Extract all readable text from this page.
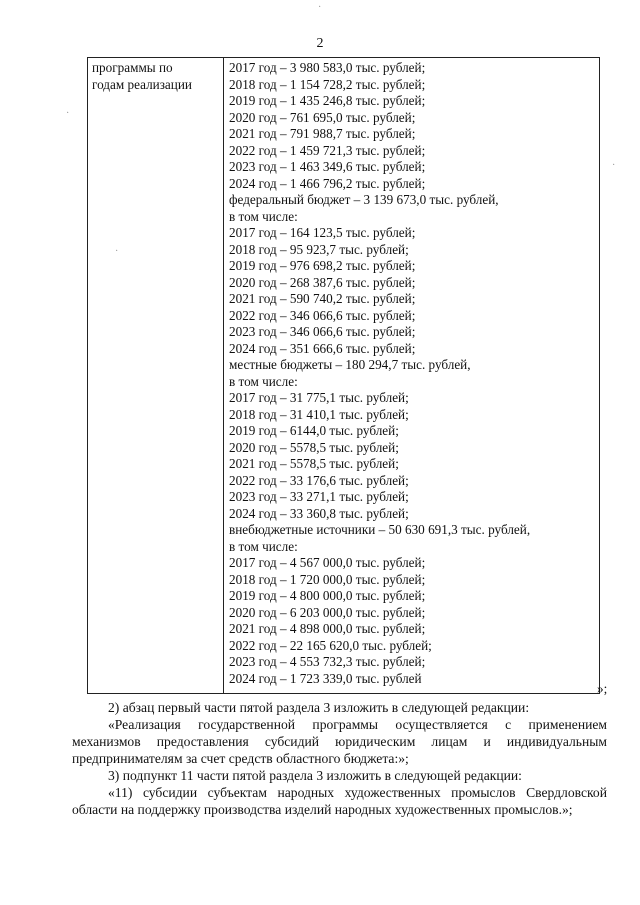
2
программы по
годам реализации
2017 год – 3 980 583,0 тыс. рублей;
2018 год – 1 154 728,2 тыс. рублей;
2019 год – 1 435 246,8 тыс. рублей;
2020 год – 761 695,0 тыс. рублей;
2021 год – 791 988,7 тыс. рублей;
2022 год – 1 459 721,3 тыс. рублей;
2023 год – 1 463 349,6 тыс. рублей;
2024 год – 1 466 796,2 тыс. рублей;
федеральный бюджет – 3 139 673,0 тыс. рублей,
в том числе:
2017 год – 164 123,5 тыс. рублей;
2018 год – 95 923,7 тыс. рублей;
2019 год – 976 698,2 тыс. рублей;
2020 год – 268 387,6 тыс. рублей;
2021 год – 590 740,2 тыс. рублей;
2022 год – 346 066,6 тыс. рублей;
2023 год – 346 066,6 тыс. рублей;
2024 год – 351 666,6 тыс. рублей;
местные бюджеты – 180 294,7 тыс. рублей,
в том числе:
2017 год – 31 775,1 тыс. рублей;
2018 год – 31 410,1 тыс. рублей;
2019 год – 6144,0 тыс. рублей;
2020 год – 5578,5 тыс. рублей;
2021 год – 5578,5 тыс. рублей;
2022 год – 33 176,6 тыс. рублей;
2023 год – 33 271,1 тыс. рублей;
2024 год – 33 360,8 тыс. рублей;
внебюджетные источники – 50 630 691,3 тыс. рублей,
в том числе:
2017 год – 4 567 000,0 тыс. рублей;
2018 год – 1 720 000,0 тыс. рублей;
2019 год – 4 800 000,0 тыс. рублей;
2020 год – 6 203 000,0 тыс. рублей;
2021 год – 4 898 000,0 тыс. рублей;
2022 год – 22 165 620,0 тыс. рублей;
2023 год – 4 553 732,3 тыс. рублей;
2024 год – 1 723 339,0 тыс. рублей
»;

2) абзац первый части пятой раздела 3 изложить в следующей редакции:

«Реализация государственной программы осуществляется с применением механизмов предоставления субсидий юридическим лицам и индивидуальным предпринимателям за счет средств областного бюджета:»;

3) подпункт 11 части пятой раздела 3 изложить в следующей редакции:

«11) субсидии субъектам народных художественных промыслов Свердловской области на поддержку производства изделий народных художественных промыслов.»;

·
·
·
·
